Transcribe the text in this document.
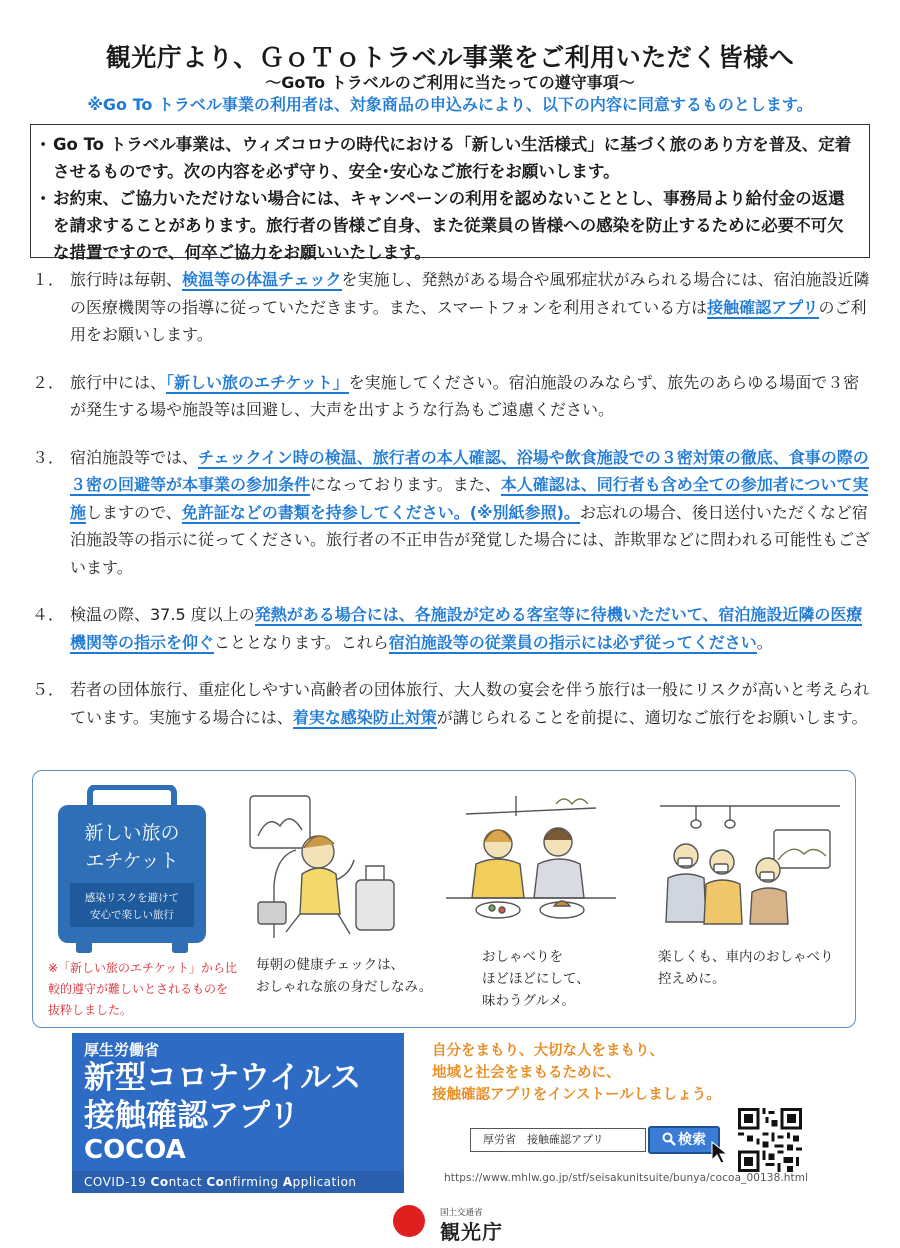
観光庁より、ＧｏＴｏトラベル事業をご利用いただく皆様へ
～GoTo トラベルのご利用に当たっての遵守事項～
※Go To トラベル事業の利用者は、対象商品の申込みにより、以下の内容に同意するものとします。

･ Go To トラベル事業は、ウィズコロナの時代における「新しい生活様式」に基づく旅のあり方を普及、定着させるものです。次の内容を必ず守り、安全･安心なご旅行をお願いします。

･ お約束、ご協力いただけない場合には、キャンペーンの利用を認めないこととし、事務局より給付金の返還を請求することがあります。旅行者の皆様ご自身、また従業員の皆様への感染を防止するために必要不可欠な措置ですので、何卒ご協力をお願いいたします。

１． 旅行時は毎朝、検温等の体温チェックを実施し、発熱がある場合や風邪症状がみられる場合には、宿泊施設近隣の医療機関等の指導に従っていただきます。また、スマートフォンを利用されている方は接触確認アプリのご利用をお願いします。
２． 旅行中には、「新しい旅のエチケット」を実施してください。宿泊施設のみならず、旅先のあらゆる場面で３密が発生する場や施設等は回避し、大声を出すような行為もご遠慮ください。
３． 宿泊施設等では、チェックイン時の検温、旅行者の本人確認、浴場や飲食施設での３密対策の徹底、食事の際の３密の回避等が本事業の参加条件になっております。また、本人確認は、同行者も含め全ての参加者について実施しますので、免許証などの書類を持参してください。(※別紙参照)。お忘れの場合、後日送付いただくなど宿泊施設等の指示に従ってください。旅行者の不正申告が発覚した場合には、詐欺罪などに問われる可能性もございます。
４． 検温の際、37.5 度以上の発熱がある場合には、各施設が定める客室等に待機いただいて、宿泊施設近隣の医療機関等の指示を仰ぐこととなります。これら宿泊施設等の従業員の指示には必ず従ってください。
５． 若者の団体旅行、重症化しやすい高齢者の団体旅行、大人数の宴会を伴う旅行は一般にリスクが高いと考えられています。実施する場合には、着実な感染防止対策が講じられることを前提に、適切なご旅行をお願いします。
新しい旅の
エチケット
感染リスクを避けて
安心で楽しい旅行
※「新しい旅のエチケット」から比較的遵守が難しいとされるものを抜粋しました。
毎朝の健康チェックは、
おしゃれな旅の身だしなみ。
おしゃべりを
ほどほどにして、
味わうグルメ。
楽しくも、車内のおしゃべり
控えめに。
厚生労働省
新型コロナウイルス
接触確認アプリ
COCOA
COVID-19 Contact Confirming Application
自分をまもり、大切な人をまもり、
地域と社会をまもるために、
接触確認アプリをインストールしましょう。
厚労省　接触確認アプリ	検索
https://www.mhlw.go.jp/stf/seisakunitsuite/bunya/cocoa_00138.html
国土交通省
観光庁
